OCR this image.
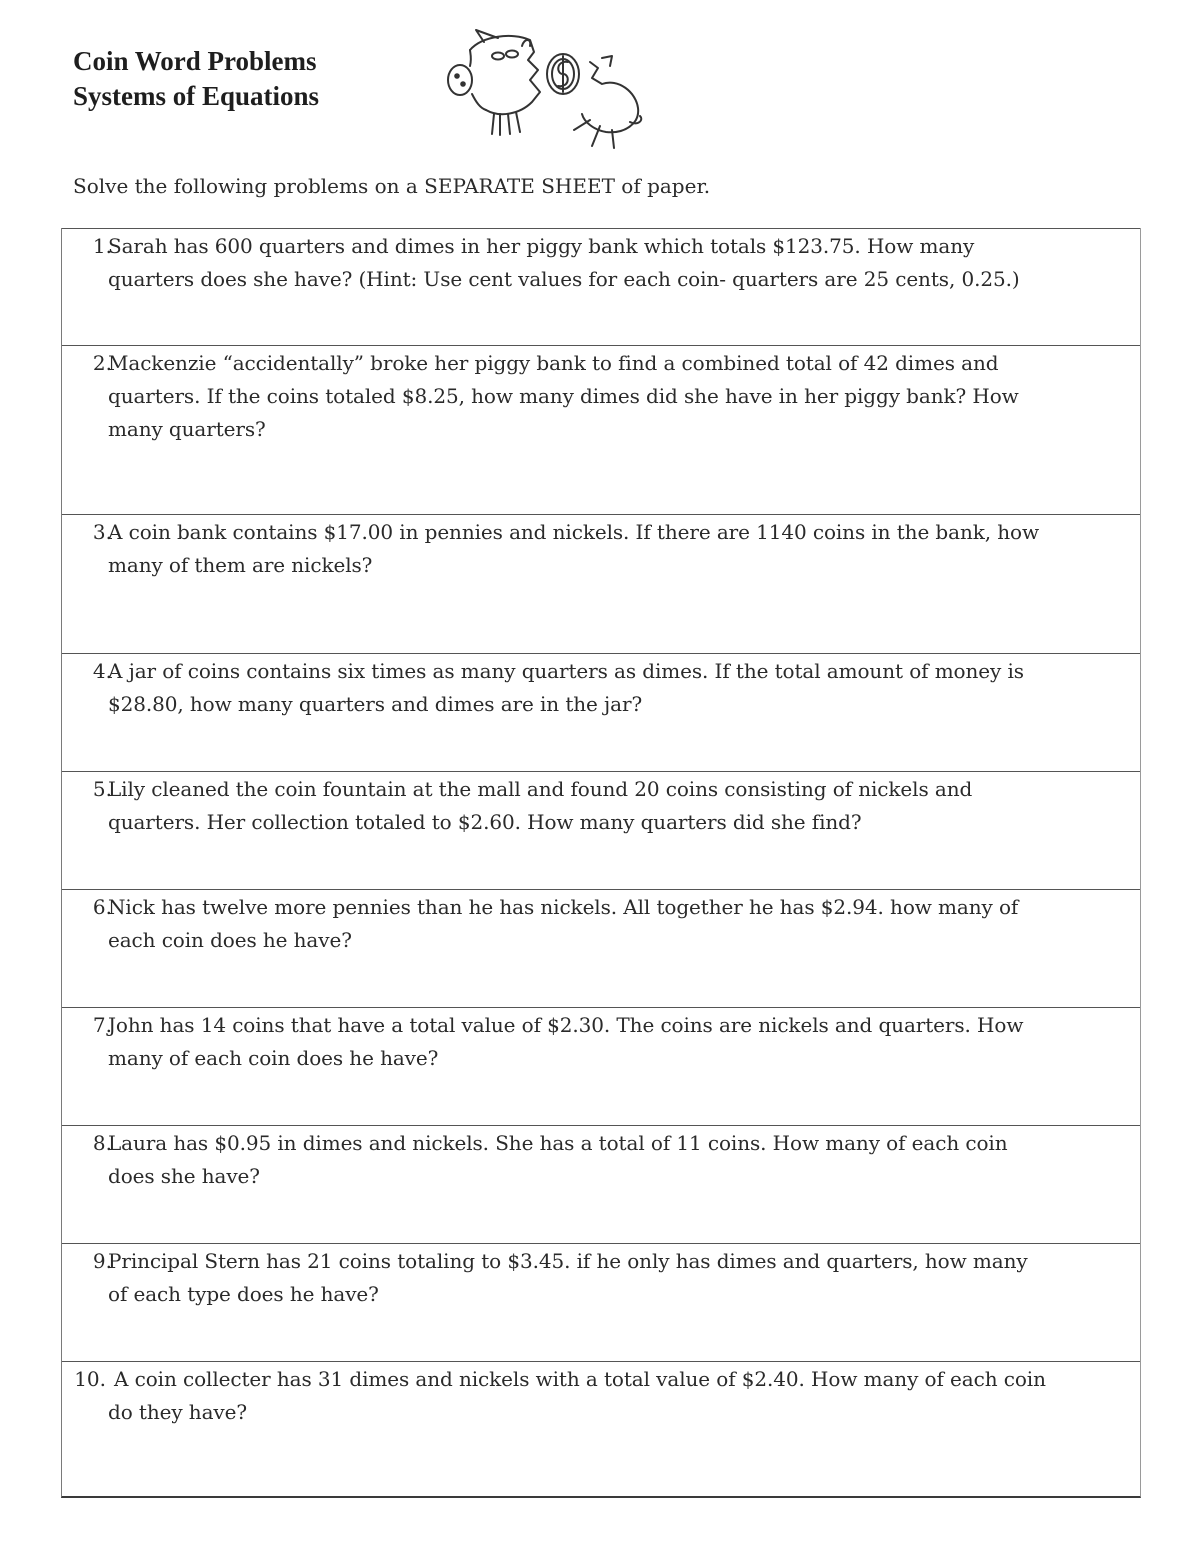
Coin Word Problems
Systems of Equations
Solve the following problems on a SEPARATE SHEET of paper.
1.
Sarah has 600 quarters and dimes in her piggy bank which totals $123.75. How many
quarters does she have? (Hint: Use cent values for each coin- quarters are 25 cents, 0.25.)
2.
Mackenzie “accidentally” broke her piggy bank to find a combined total of 42 dimes and
quarters. If the coins totaled $8.25, how many dimes did she have in her piggy bank? How
many quarters?
3.
A coin bank contains $17.00 in pennies and nickels. If there are 1140 coins in the bank, how
many of them are nickels?
4.
A jar of coins contains six times as many quarters as dimes. If the total amount of money is
$28.80, how many quarters and dimes are in the jar?
5.
Lily cleaned the coin fountain at the mall and found 20 coins consisting of nickels and
quarters. Her collection totaled to $2.60. How many quarters did she find?
6.
Nick has twelve more pennies than he has nickels. All together he has $2.94. how many of
each coin does he have?
7.
John has 14 coins that have a total value of $2.30. The coins are nickels and quarters. How
many of each coin does he have?
8.
Laura has $0.95 in dimes and nickels. She has a total of 11 coins. How many of each coin
does she have?
9.
Principal Stern has 21 coins totaling to $3.45. if he only has dimes and quarters, how many
of each type does he have?
10. A coin collecter has 31 dimes and nickels with a total value of $2.40. How many of each coin
do they have?
